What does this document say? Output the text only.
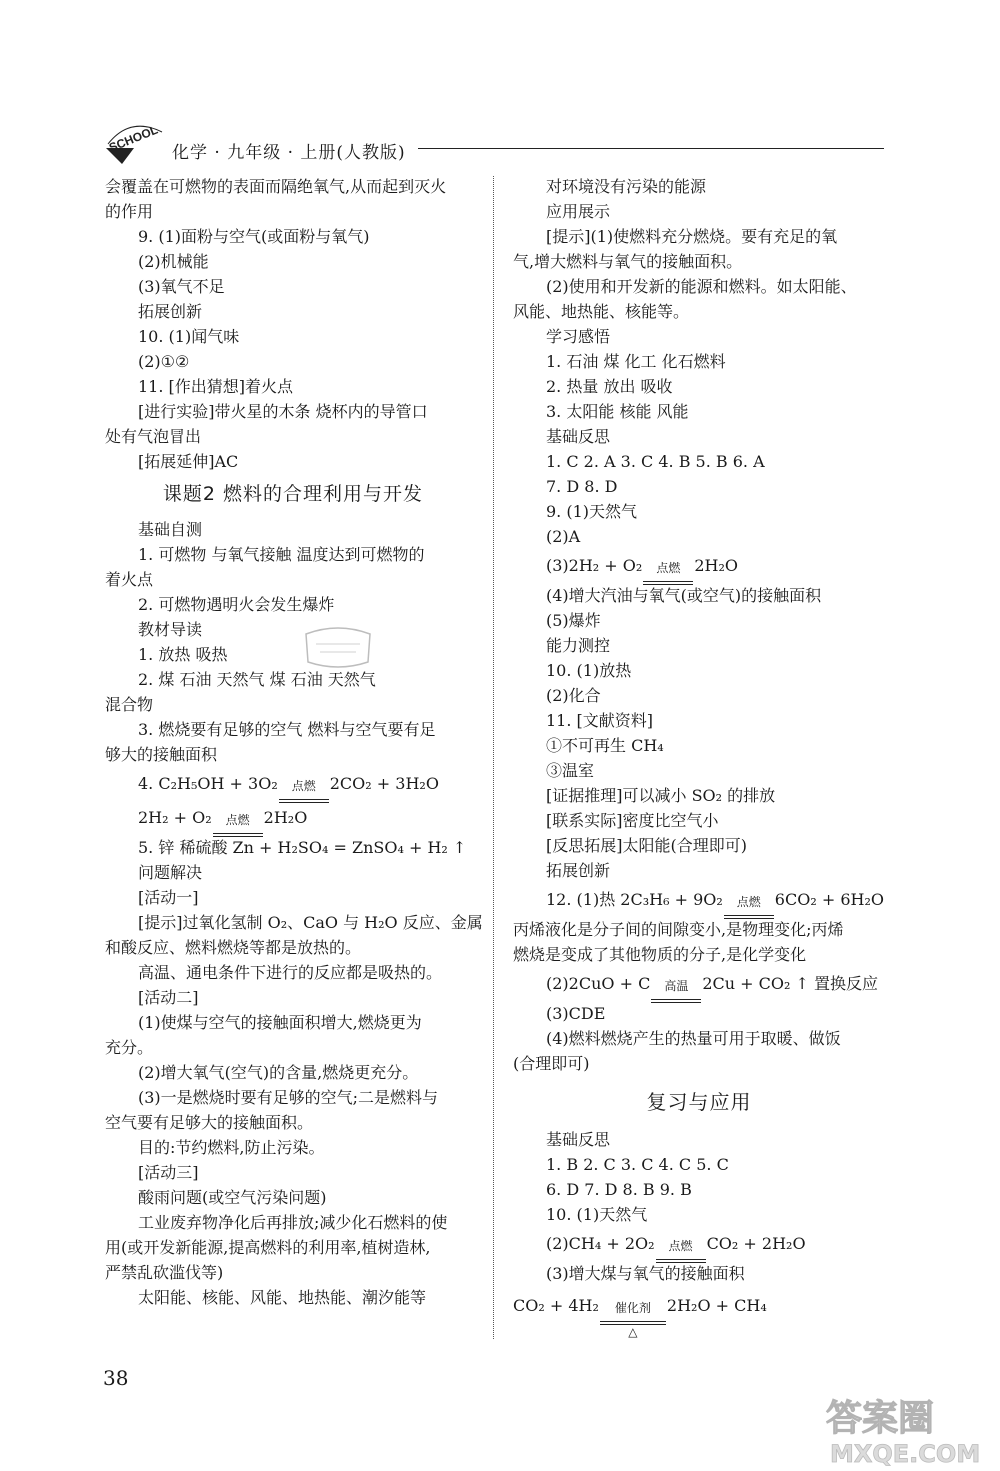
SCHOOL 化学 · 九年级 · 上册(人教版)
会覆盖在可燃物的表面而隔绝氧气,从而起到灭火
的作用
9. (1)面粉与空气(或面粉与氧气)
(2)机械能
(3)氧气不足
拓展创新
10. (1)闻气味
(2)①②
11. [作出猜想]着火点
[进行实验]带火星的木条 烧杯内的导管口
处有气泡冒出
[拓展延伸]AC
课题2 燃料的合理利用与开发
基础自测
1. 可燃物 与氧气接触 温度达到可燃物的
着火点
2. 可燃物遇明火会发生爆炸
教材导读
1. 放热 吸热
2. 煤 石油 天然气 煤 石油 天然气
混合物
3. 燃烧要有足够的空气 燃料与空气要有足
够大的接触面积
4. C₂H₅OH + 3O₂	点燃 2CO₂ + 3H₂O
2H₂ + O₂	点燃 2H₂O
5. 锌 稀硫酸 Zn + H₂SO₄ = ZnSO₄ + H₂ ↑
问题解决
[活动一]
[提示]过氧化氢制 O₂、CaO 与 H₂O 反应、金属
和酸反应、燃料燃烧等都是放热的。
高温、通电条件下进行的反应都是吸热的。
[活动二]
(1)使煤与空气的接触面积增大,燃烧更为
充分。
(2)增大氧气(空气)的含量,燃烧更充分。
(3)一是燃烧时要有足够的空气;二是燃料与
空气要有足够大的接触面积。
目的:节约燃料,防止污染。
[活动三]
酸雨问题(或空气污染问题)
工业废弃物净化后再排放;减少化石燃料的使
用(或开发新能源,提高燃料的利用率,植树造林,
严禁乱砍滥伐等)
太阳能、核能、风能、地热能、潮汐能等
对环境没有污染的能源
应用展示
[提示](1)使燃料充分燃烧。要有充足的氧
气,增大燃料与氧气的接触面积。
(2)使用和开发新的能源和燃料。如太阳能、
风能、地热能、核能等。
学习感悟
1. 石油 煤 化工 化石燃料
2. 热量 放出 吸收
3. 太阳能 核能 风能
基础反思
1. C 2. A 3. C 4. B 5. B 6. A
7. D 8. D
9. (1)天然气
(2)A
(3)2H₂ + O₂	点燃 2H₂O
(4)增大汽油与氧气(或空气)的接触面积
(5)爆炸
能力测控
10. (1)放热
(2)化合
11. [文献资料]
①不可再生 CH₄
③温室
[证据推理]可以减小 SO₂ 的排放
[联系实际]密度比空气小
[反思拓展]太阳能(合理即可)
拓展创新
12. (1)热 2C₃H₆ + 9O₂	点燃 6CO₂ + 6H₂O
丙烯液化是分子间的间隙变小,是物理变化;丙烯
燃烧是变成了其他物质的分子,是化学变化
(2)2CuO + C	高温 2Cu + CO₂ ↑ 置换反应
(3)CDE
(4)燃料燃烧产生的热量可用于取暖、做饭
(合理即可)
复习与应用
基础反思
1. B 2. C 3. C 4. C 5. C
6. D 7. D 8. B 9. B
10. (1)天然气
(2)CH₄ + 2O₂	点燃 CO₂ + 2H₂O
(3)增大煤与氧气的接触面积
CO₂ + 4H₂	催化剂
△
2H₂O + CH₄
38
答案圈
MXQE.COM
